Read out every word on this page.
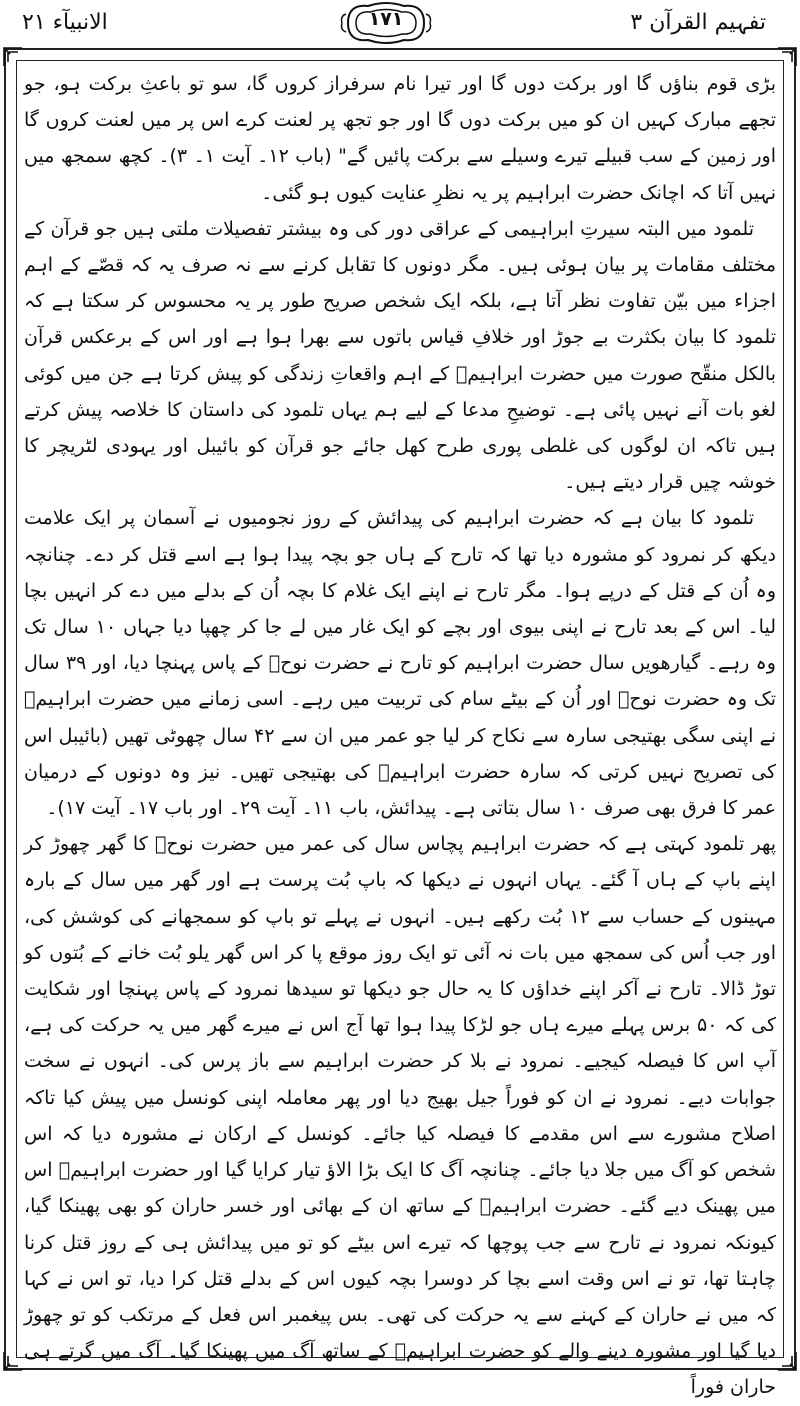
تفہیم القرآن ۳
۱۷۱
الانبیآء ۲۱

بڑی قوم بناؤں گا اور برکت دوں گا اور تیرا نام سرفراز کروں گا، سو تو باعثِ برکت ہو، جو تجھے مبارک کہیں ان کو میں برکت دوں گا اور جو تجھ پر لعنت کرے اس پر میں لعنت کروں گا اور زمین کے سب قبیلے تیرے وسیلے سے برکت پائیں گے" (باب ۱۲۔ آیت ۱۔ ۳)۔ کچھ سمجھ میں نہیں آتا کہ اچانک حضرت ابراہیم پر یہ نظرِ عنایت کیوں ہو گئی۔

تلمود میں البتہ سیرتِ ابراہیمی کے عراقی دور کی وہ بیشتر تفصیلات ملتی ہیں جو قرآن کے مختلف مقامات پر بیان ہوئی ہیں۔ مگر دونوں کا تقابل کرنے سے نہ صرف یہ کہ قصّے کے اہم اجزاء میں بیّن تفاوت نظر آتا ہے، بلکہ ایک شخص صریح طور پر یہ محسوس کر سکتا ہے کہ تلمود کا بیان بکثرت بے جوڑ اور خلافِ قیاس باتوں سے بھرا ہوا ہے اور اس کے برعکس قرآن بالکل منقّح صورت میں حضرت ابراہیمؑ کے اہم واقعاتِ زندگی کو پیش کرتا ہے جن میں کوئی لغو بات آنے نہیں پائی ہے۔ توضیحِ مدعا کے لیے ہم یہاں تلمود کی داستان کا خلاصہ پیش کرتے ہیں تاکہ ان لوگوں کی غلطی پوری طرح کھل جائے جو قرآن کو بائیبل اور یہودی لٹریچر کا خوشہ چیں قرار دیتے ہیں۔

تلمود کا بیان ہے کہ حضرت ابراہیم کی پیدائش کے روز نجومیوں نے آسمان پر ایک علامت دیکھ کر نمرود کو مشورہ دیا تھا کہ تارح کے ہاں جو بچہ پیدا ہوا ہے اسے قتل کر دے۔ چنانچہ وہ اُن کے قتل کے درپے ہوا۔ مگر تارح نے اپنے ایک غلام کا بچہ اُن کے بدلے میں دے کر انہیں بچا لیا۔ اس کے بعد تارح نے اپنی بیوی اور بچے کو ایک غار میں لے جا کر چھپا دیا جہاں ۱۰ سال تک وہ رہے۔ گیارھویں سال حضرت ابراہیم کو تارح نے حضرت نوحؑ کے پاس پہنچا دیا، اور ۳۹ سال تک وہ حضرت نوحؑ اور اُن کے بیٹے سام کی تربیت میں رہے۔ اسی زمانے میں حضرت ابراہیمؑ نے اپنی سگی بھتیجی سارہ سے نکاح کر لیا جو عمر میں ان سے ۴۲ سال چھوٹی تھیں (بائیبل اس کی تصریح نہیں کرتی کہ سارہ حضرت ابراہیمؑ کی بھتیجی تھیں۔ نیز وہ دونوں کے درمیان عمر کا فرق بھی صرف ۱۰ سال بتاتی ہے۔ پیدائش، باب ۱۱۔ آیت ۲۹۔ اور باب ۱۷۔ آیت ۱۷)۔

پھر تلمود کہتی ہے کہ حضرت ابراہیم پچاس سال کی عمر میں حضرت نوحؑ کا گھر چھوڑ کر اپنے باپ کے ہاں آ گئے۔ یہاں انہوں نے دیکھا کہ باپ بُت پرست ہے اور گھر میں سال کے بارہ مہینوں کے حساب سے ۱۲ بُت رکھے ہیں۔ انہوں نے پہلے تو باپ کو سمجھانے کی کوشش کی، اور جب اُس کی سمجھ میں بات نہ آئی تو ایک روز موقع پا کر اس گھر یلو بُت خانے کے بُتوں کو توڑ ڈالا۔ تارح نے آکر اپنے خداؤں کا یہ حال جو دیکھا تو سیدھا نمرود کے پاس پہنچا اور شکایت کی کہ ۵۰ برس پہلے میرے ہاں جو لڑکا پیدا ہوا تھا آج اس نے میرے گھر میں یہ حرکت کی ہے، آپ اس کا فیصلہ کیجیے۔ نمرود نے بلا کر حضرت ابراہیم سے باز پرس کی۔ انہوں نے سخت جوابات دیے۔ نمرود نے ان کو فوراً جیل بھیج دیا اور پھر معاملہ اپنی کونسل میں پیش کیا تاکہ اصلاح مشورے سے اس مقدمے کا فیصلہ کیا جائے۔ کونسل کے ارکان نے مشورہ دیا کہ اس شخص کو آگ میں جلا دیا جائے۔ چنانچہ آگ کا ایک بڑا الاؤ تیار کرایا گیا اور حضرت ابراہیمؑ اس میں پھینک دیے گئے۔ حضرت ابراہیمؑ کے ساتھ ان کے بھائی اور خسر حاران کو بھی پھینکا گیا، کیونکہ نمرود نے تارح سے جب پوچھا کہ تیرے اس بیٹے کو تو میں پیدائش ہی کے روز قتل کرنا چاہتا تھا، تو نے اس وقت اسے بچا کر دوسرا بچہ کیوں اس کے بدلے قتل کرا دیا، تو اس نے کہا کہ میں نے حاران کے کہنے سے یہ حرکت کی تھی۔ بس پیغمبر اس فعل کے مرتکب کو تو چھوڑ دیا گیا اور مشورہ دینے والے کو حضرت ابراہیمؑ کے ساتھ آگ میں پھینکا گیا۔ آگ میں گرتے ہی حاران فوراً
